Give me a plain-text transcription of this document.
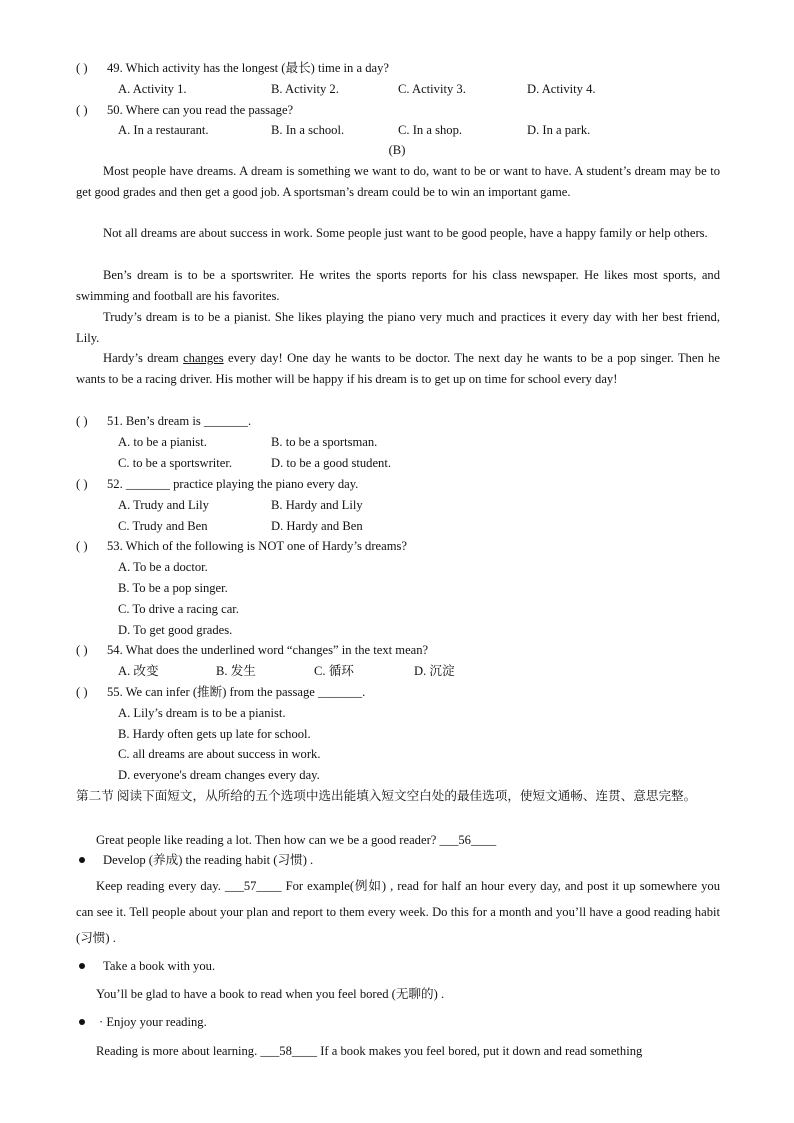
( ) 49. Which activity has the longest (最长) time in a day?
A. Activity 1.	B. Activity 2.	C. Activity 3.	D. Activity 4.
( ) 50. Where can you read the passage?
A. In a restaurant.	B. In a school.	C. In a shop.	D. In a park.
(B)
Most people have dreams. A dream is something we want to do, want to be or want to have. A student’s dream may be to get good grades and then get a good job. A sportsman’s dream could be to win an important game.
Not all dreams are about success in work. Some people just want to be good people, have a happy family or help others.
Ben’s dream is to be a sportswriter. He writes the sports reports for his class newspaper. He likes most sports, and swimming and football are his favorites.
Trudy’s dream is to be a pianist. She likes playing the piano very much and practices it every day with her best friend, Lily.
Hardy’s dream changes every day! One day he wants to be doctor. The next day he wants to be a pop singer. Then he wants to be a racing driver. His mother will be happy if his dream is to get up on time for school every day!
( ) 51. Ben’s dream is _______.
A. to be a pianist.	B. to be a sportsman.
C. to be a sportswriter.	D. to be a good student.
( ) 52. _______ practice playing the piano every day.
A. Trudy and Lily	B. Hardy and Lily
C. Trudy and Ben	D. Hardy and Ben
( ) 53. Which of the following is NOT one of Hardy’s dreams?
A. To be a doctor.
B. To be a pop singer.
C. To drive a racing car.
D. To get good grades.
( ) 54. What does the underlined word “changes” in the text mean?
A. 改变	B. 发生	C. 循环	D. 沉淀
( ) 55. We can infer (推断) from the passage _______.
A. Lily’s dream is to be a pianist.
B. Hardy often gets up late for school.
C. all dreams are about success in work.
D. everyone's dream changes every day.
第二节 阅读下面短文，从所给的五个选项中选出能填入短文空白处的最佳选项，使短文通畅、连贯、意思完整。
Great people like reading a lot. Then how can we be a good reader? ___56____
Develop (养成) the reading habit (习惯) .
Keep reading every day. ___57____ For example(例如) , read for half an hour every day, and post it up somewhere you can see it. Tell people about your plan and report to them every week. Do this for a month and you’ll have a good reading habit (习惯) .
Take a book with you.
You’ll be glad to have a book to read when you feel bored (无聊的) .
· Enjoy your reading.
Reading is more about learning. ___58____ If a book makes you feel bored, put it down and read something
